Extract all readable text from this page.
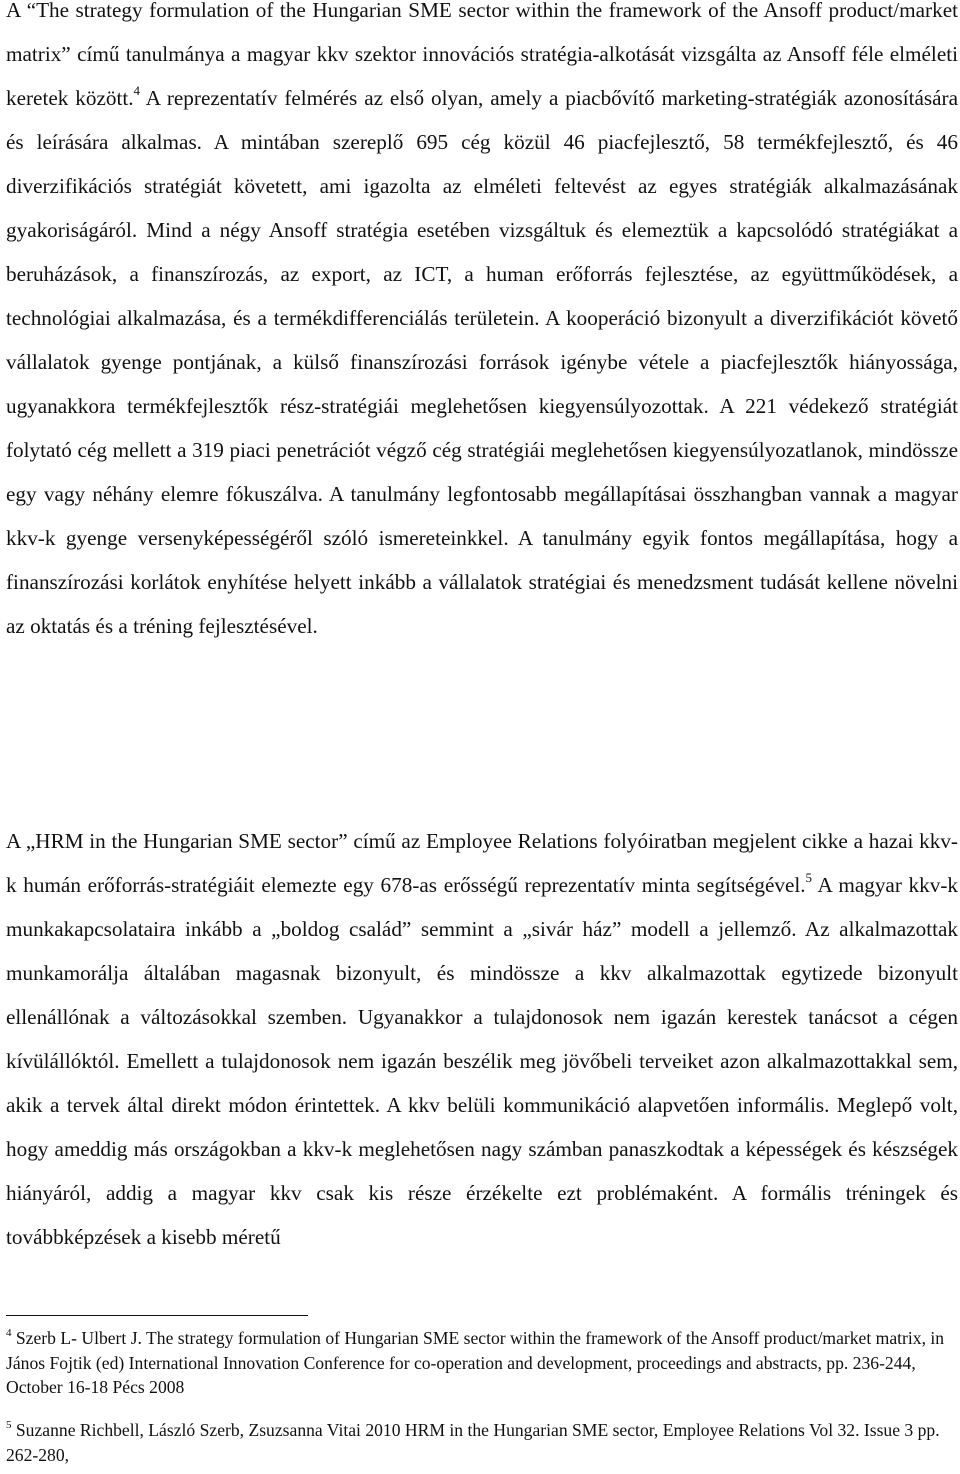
A “The strategy formulation of the Hungarian SME sector within the framework of the Ansoff product/market matrix” című tanulmánya a magyar kkv szektor innovációs stratégia-alkotását vizsgálta az Ansoff féle elméleti keretek között.$^4$ A reprezentatív felmérés az első olyan, amely a piacbővítő marketing-stratégiák azonosítására és leírására alkalmas. A mintában szereplő 695 cég közül 46 piacfejlesztő, 58 termékfejlesztő, és 46 diverzifikációs stratégiát követett, ami igazolta az elméleti feltevést az egyes stratégiák alkalmazásának gyakoriságáról. Mind a négy Ansoff stratégia esetében vizsgáltuk és elemeztük a kapcsolódó stratégiákat a beruházások, a finanszírozás, az export, az ICT, a human erőforrás fejlesztése, az együttműködések, a technológiai alkalmazása, és a termékdifferenciálás területein. A kooperáció bizonyult a diverzifikációt követő vállalatok gyenge pontjának, a külső finanszírozási források igénybe vétele a piacfejlesztők hiányossága, ugyanakkora termékfejlesztők rész-stratégiái meglehetősen kiegyensúlyozottak. A 221 védekező stratégiát folytató cég mellett a 319 piaci penetrációt végző cég stratégiái meglehetősen kiegyensúlyozatlanok, mindössze egy vagy néhány elemre fókuszálva. A tanulmány legfontosabb megállapításai összhangban vannak a magyar kkv-k gyenge versenyképességéről szóló ismereteinkkel. A tanulmány egyik fontos megállapítása, hogy a finanszírozási korlátok enyhítése helyett inkább a vállalatok stratégiai és menedzsment tudását kellene növelni az oktatás és a tréning fejlesztésével.

A „HRM in the Hungarian SME sector” című az Employee Relations folyóiratban megjelent cikke a hazai kkv-k humán erőforrás-stratégiáit elemezte egy 678-as erősségű reprezentatív minta segítségével.$^5$ A magyar kkv-k munkakapcsolataira inkább a „boldog család” semmint a „sivár ház” modell a jellemző. Az alkalmazottak munkamorálja általában magasnak bizonyult, és mindössze a kkv alkalmazottak egytizede bizonyult ellenállónak a változásokkal szemben. Ugyanakkor a tulajdonosok nem igazán kerestek tanácsot a cégen kívülállóktól. Emellett a tulajdonosok nem igazán beszélik meg jövőbeli terveiket azon alkalmazottakkal sem, akik a tervek által direkt módon érintettek. A kkv belüli kommunikáció alapvetően informális. Meglepő volt, hogy ameddig más országokban a kkv-k meglehetősen nagy számban panaszkodtak a képességek és készségek hiányáról, addig a magyar kkv csak kis része érzékelte ezt problémaként. A formális tréningek és továbbképzések a kisebb méretű

$^4$ Szerb L- Ulbert J. The strategy formulation of Hungarian SME sector within the framework of the Ansoff product/market matrix, in János Fojtik (ed) International Innovation Conference for co-operation and development, proceedings and abstracts, pp. 236-244, October 16-18 Pécs 2008

$^5$ Suzanne Richbell, László Szerb, Zsuzsanna Vitai 2010 HRM in the Hungarian SME sector, Employee Relations Vol 32. Issue 3 pp. 262-280,
